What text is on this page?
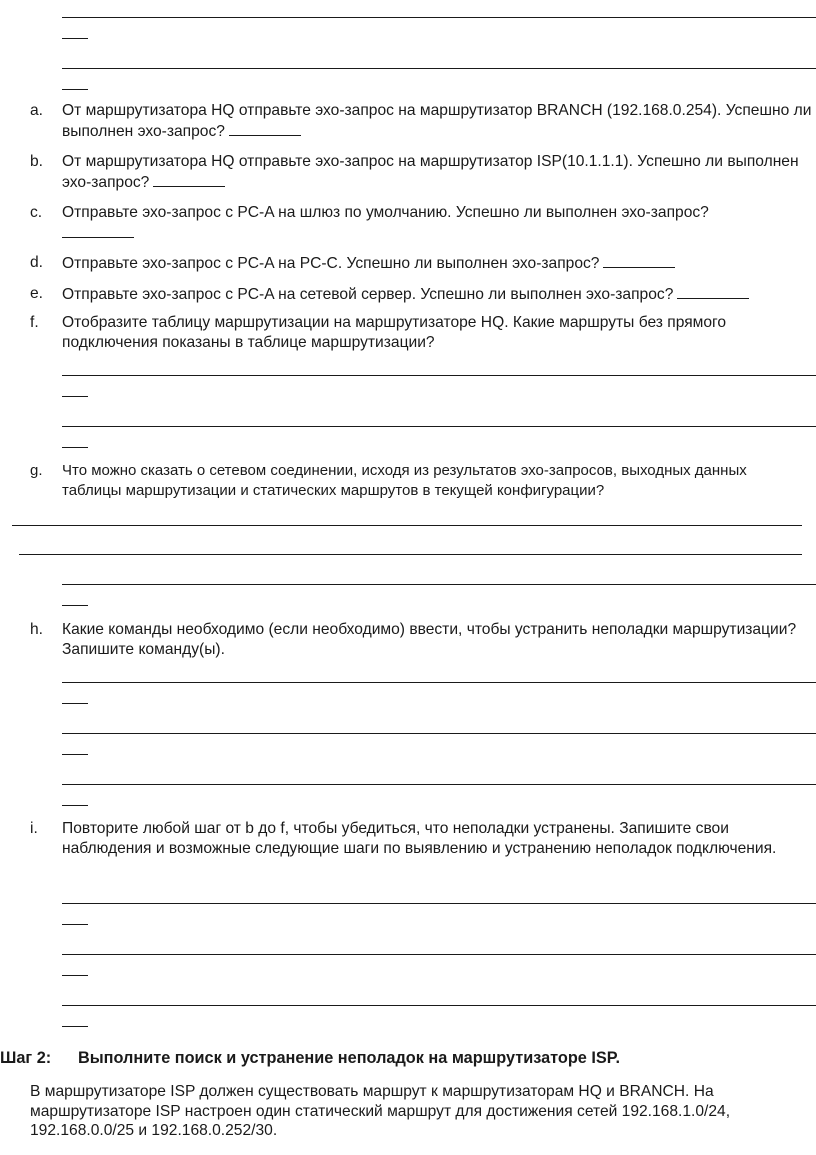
a. От маршрутизатора HQ отправьте эхо-запрос на маршрутизатор BRANCH (192.168.0.254). Успешно ли выполнен эхо-запрос?
b. От маршрутизатора HQ отправьте эхо-запрос на маршрутизатор ISP(10.1.1.1). Успешно ли выполнен эхо-запрос?
c. Отправьте эхо-запрос с PC-A на шлюз по умолчанию. Успешно ли выполнен эхо-запрос?
d. Отправьте эхо-запрос с PC-A на PC-C. Успешно ли выполнен эхо-запрос?
e. Отправьте эхо-запрос с PC-A на сетевой сервер. Успешно ли выполнен эхо-запрос?
f. Отобразите таблицу маршрутизации на маршрутизаторе HQ. Какие маршруты без прямого подключения показаны в таблице маршрутизации?
g. Что можно сказать о сетевом соединении, исходя из результатов эхо-запросов, выходных данных таблицы маршрутизации и статических маршрутов в текущей конфигурации?
h. Какие команды необходимо (если необходимо) ввести, чтобы устранить неполадки маршрутизации? Запишите команду(ы).
i. Повторите любой шаг от b до f, чтобы убедиться, что неполадки устранены. Запишите свои наблюдения и возможные следующие шаги по выявлению и устранению неполадок подключения.
Шаг 2: Выполните поиск и устранение неполадок на маршрутизаторе ISP.
В маршрутизаторе ISP должен существовать маршрут к маршрутизаторам HQ и BRANCH. На маршрутизаторе ISP настроен один статический маршрут для достижения сетей 192.168.1.0/24, 192.168.0.0/25 и 192.168.0.252/30.
